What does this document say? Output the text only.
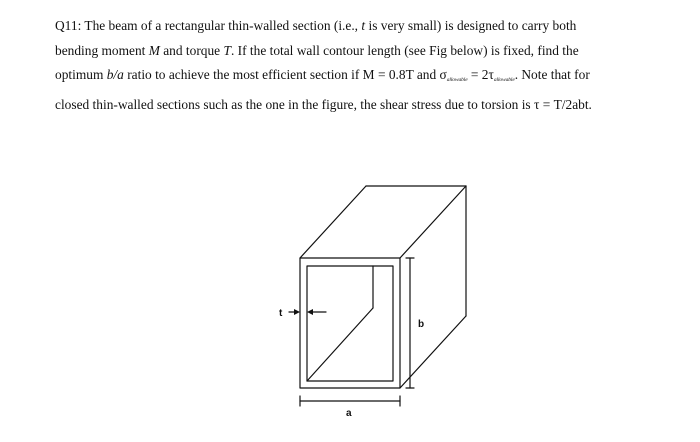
Q11: The beam of a rectangular thin-walled section (i.e., t is very small) is designed to carry both
bending moment M and torque T. If the total wall contour length (see Fig below) is fixed, find the
optimum b/a ratio to achieve the most efficient section if M = 0.8T and $\sigma_{allowable} = 2\tau_{allowable}$. Note that for
closed thin-walled sections such as the one in the figure, the shear stress due to torsion is τ = T/2abt.
t
b
a
